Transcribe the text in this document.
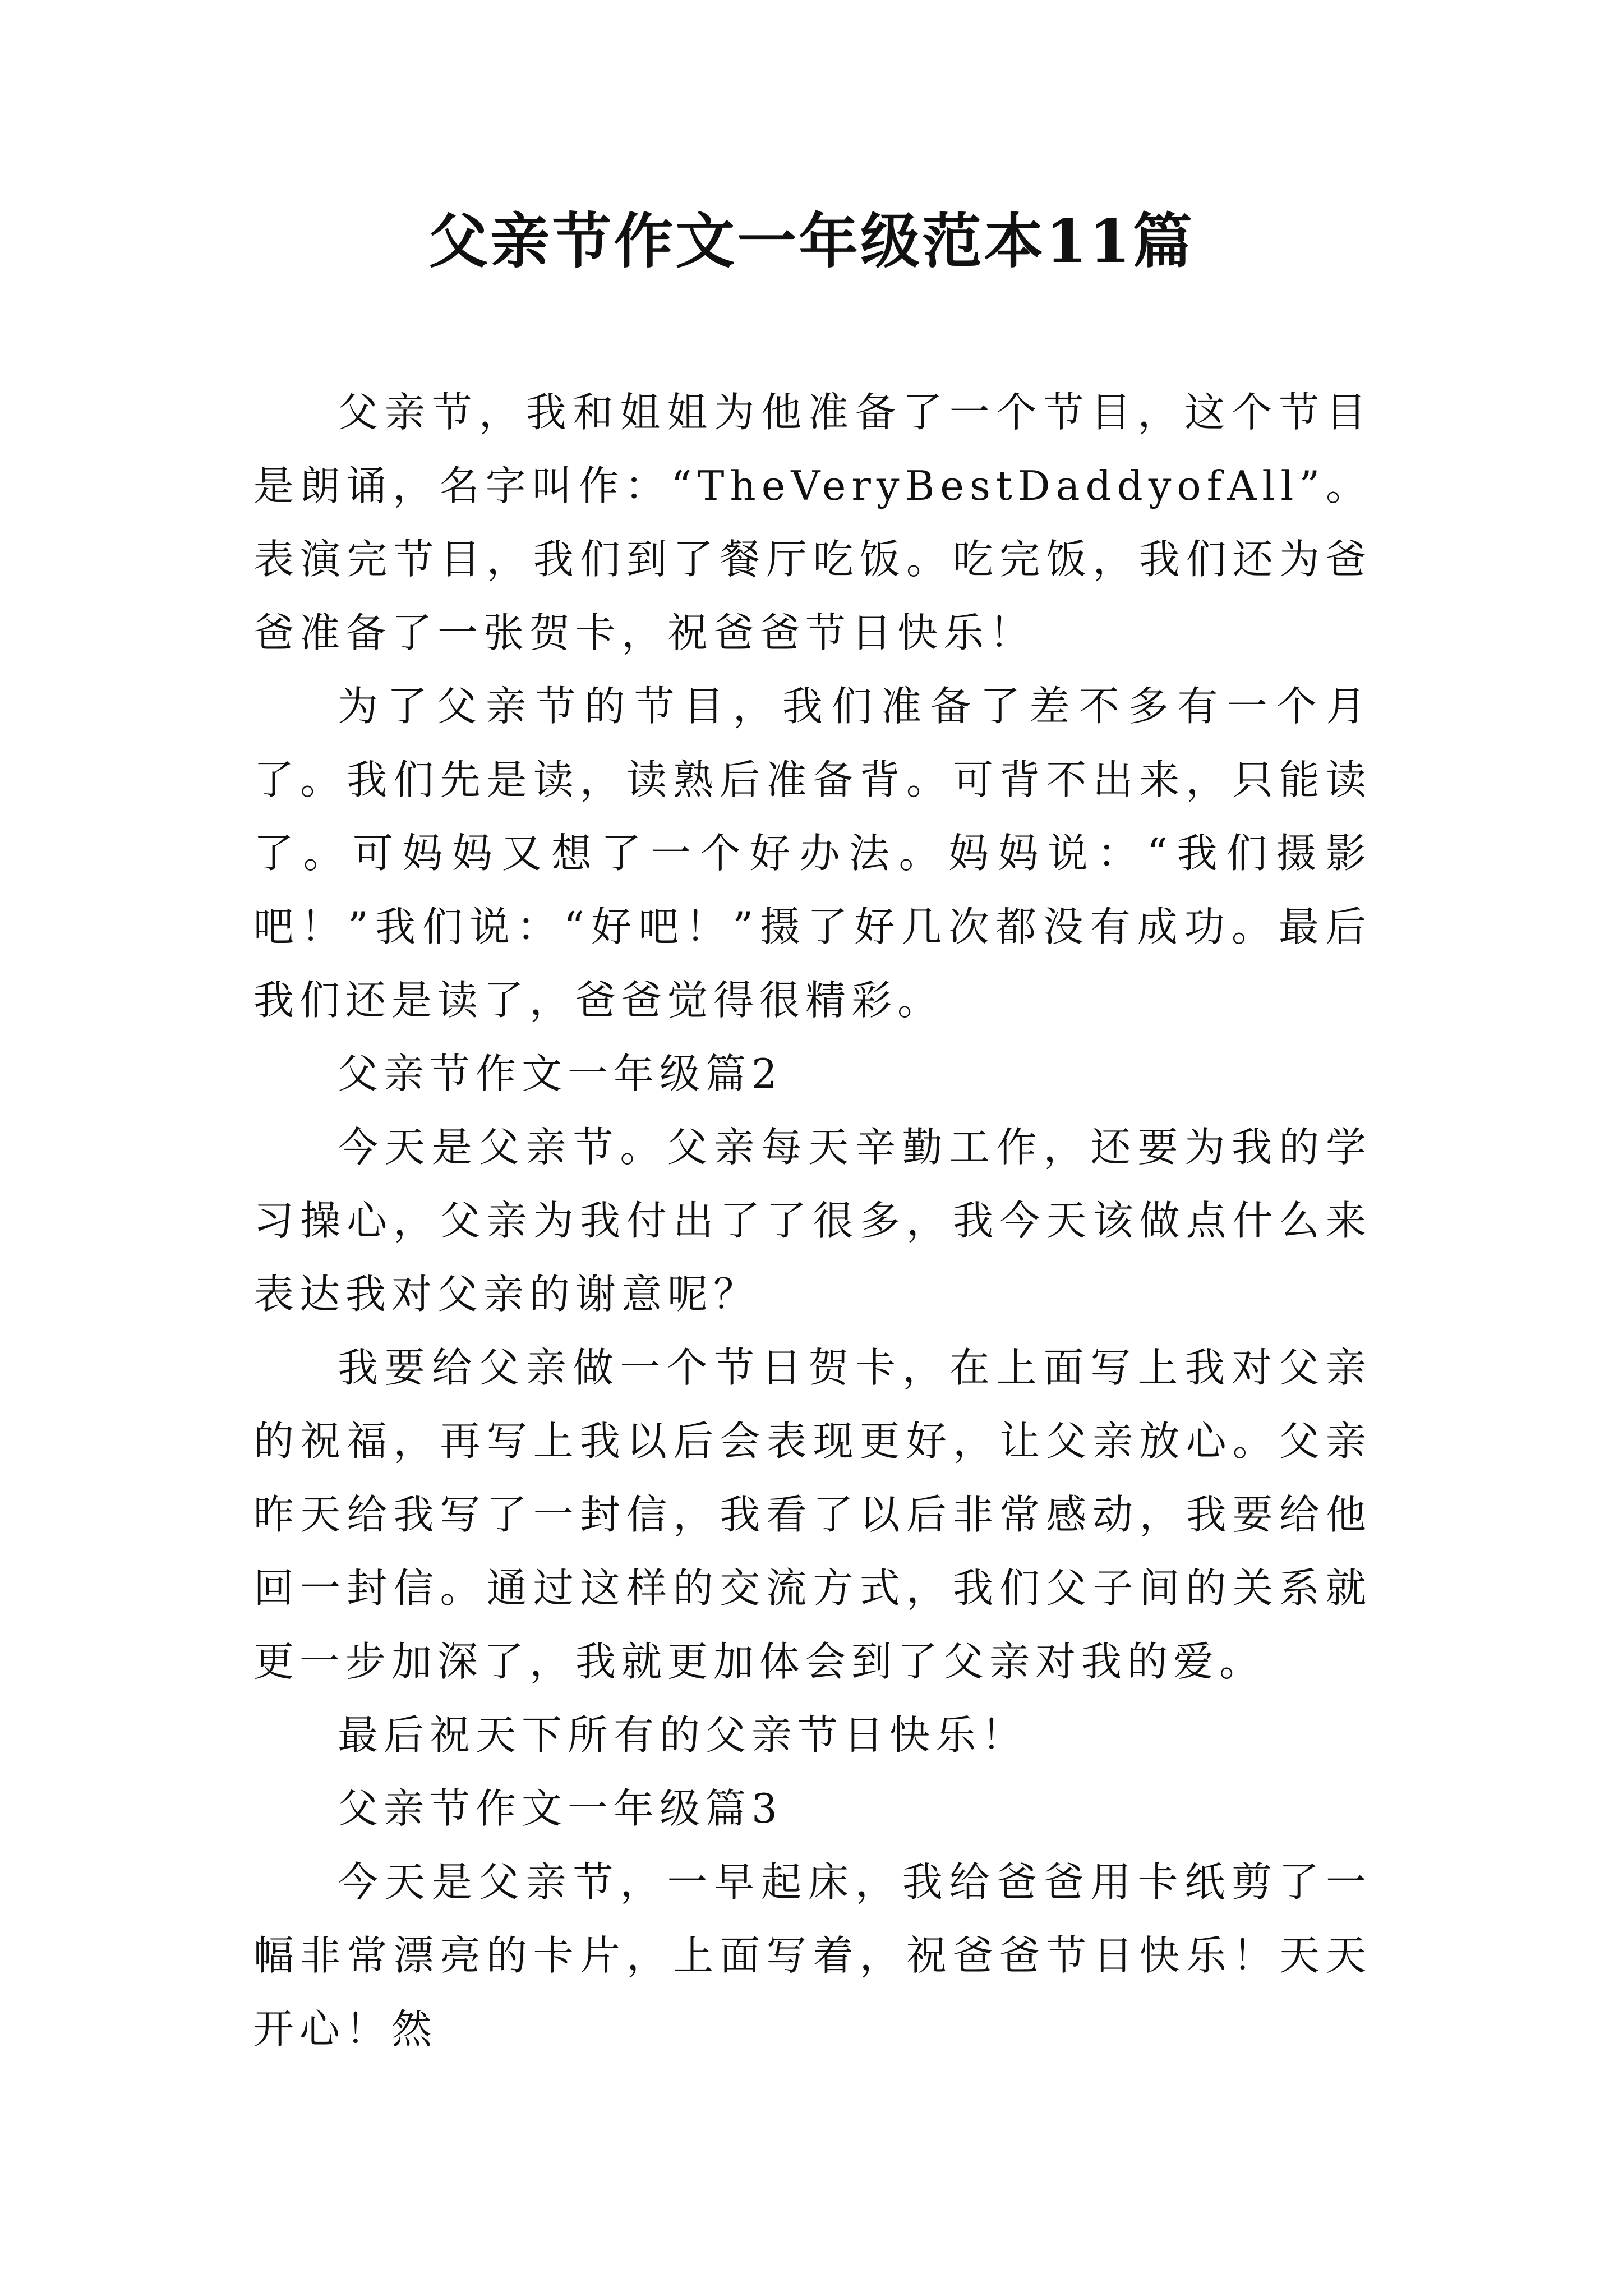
父亲节作文一年级范本11篇

父亲节，我和姐姐为他准备了一个节目，这个节目是朗诵，名字叫作：“TheVeryBestDaddyofAll”。表演完节目，我们到了餐厅吃饭。吃完饭，我们还为爸爸准备了一张贺卡，祝爸爸节日快乐！

为了父亲节的节目，我们准备了差不多有一个月了。我们先是读，读熟后准备背。可背不出来，只能读了。可妈妈又想了一个好办法。妈妈说：“我们摄影吧！”我们说：“好吧！”摄了好几次都没有成功。最后我们还是读了，爸爸觉得很精彩。

父亲节作文一年级篇2

今天是父亲节。父亲每天辛勤工作，还要为我的学习操心，父亲为我付出了了很多，我今天该做点什么来表达我对父亲的谢意呢？

我要给父亲做一个节日贺卡，在上面写上我对父亲的祝福，再写上我以后会表现更好，让父亲放心。父亲昨天给我写了一封信，我看了以后非常感动，我要给他回一封信。通过这样的交流方式，我们父子间的关系就更一步加深了，我就更加体会到了父亲对我的爱。

最后祝天下所有的父亲节日快乐！

父亲节作文一年级篇3

今天是父亲节，一早起床，我给爸爸用卡纸剪了一幅非常漂亮的卡片，上面写着，祝爸爸节日快乐！天天开心！然
